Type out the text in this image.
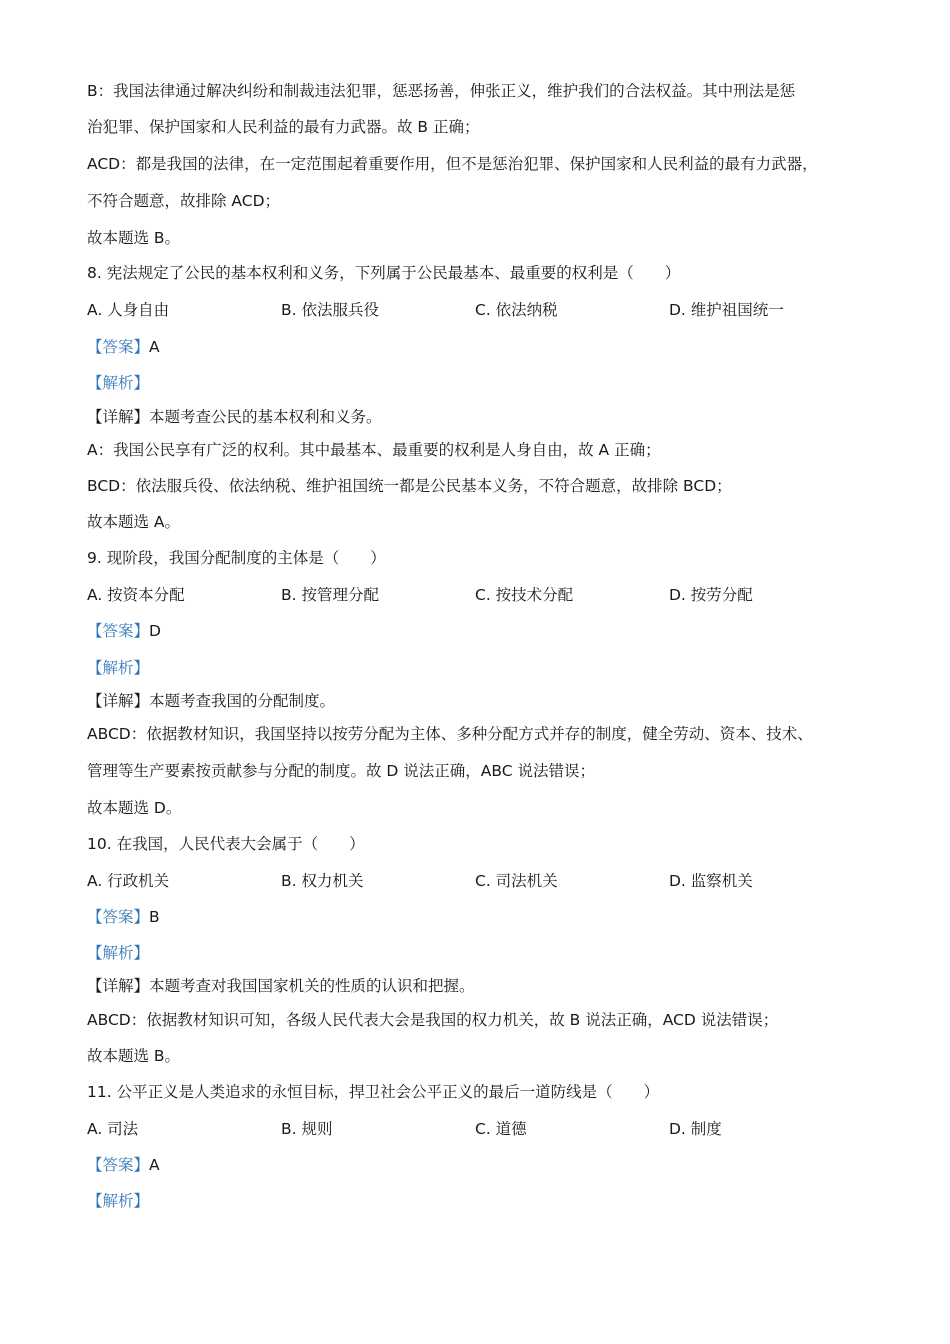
B：我国法律通过解决纠纷和制裁违法犯罪，惩恶扬善，伸张正义，维护我们的合法权益。其中刑法是惩
治犯罪、保护国家和人民利益的最有力武器。故 B 正确；
ACD：都是我国的法律，在一定范围起着重要作用，但不是惩治犯罪、保护国家和人民利益的最有力武器，
不符合题意，故排除 ACD；
故本题选 B。
8. 宪法规定了公民的基本权利和义务，下列属于公民最基本、最重要的权利是（　　）
A. 人身自由	B. 依法服兵役	C. 依法纳税	D. 维护祖国统一
【答案】A
【解析】
【详解】本题考查公民的基本权利和义务。
A：我国公民享有广泛的权利。其中最基本、最重要的权利是人身自由，故 A 正确；
BCD：依法服兵役、依法纳税、维护祖国统一都是公民基本义务，不符合题意，故排除 BCD；
故本题选 A。
9. 现阶段，我国分配制度的主体是（　　）
A. 按资本分配	B. 按管理分配	C. 按技术分配	D. 按劳分配
【答案】D
【解析】
【详解】本题考查我国的分配制度。
ABCD：依据教材知识，我国坚持以按劳分配为主体、多种分配方式并存的制度，健全劳动、资本、技术、
管理等生产要素按贡献参与分配的制度。故 D 说法正确，ABC 说法错误；
故本题选 D。
10. 在我国，人民代表大会属于（　　）
A. 行政机关	B. 权力机关	C. 司法机关	D. 监察机关
【答案】B
【解析】
【详解】本题考查对我国国家机关的性质的认识和把握。
ABCD：依据教材知识可知，各级人民代表大会是我国的权力机关，故 B 说法正确，ACD 说法错误；
故本题选 B。
11. 公平正义是人类追求的永恒目标，捍卫社会公平正义的最后一道防线是（　　）
A. 司法	B. 规则	C. 道德	D. 制度
【答案】A
【解析】
